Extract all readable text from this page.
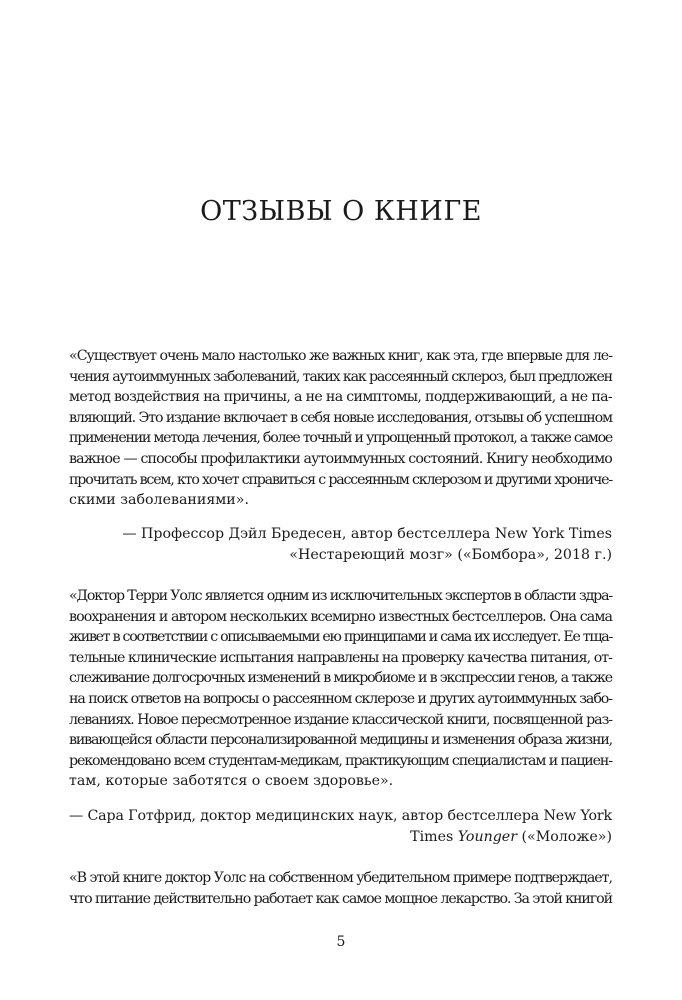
ОТЗЫВЫ О КНИГЕ
«Существует очень мало настолько же важных книг, как эта, где впервые для ле-
чения аутоиммунных заболеваний, таких как рассеянный склероз, был предложен
метод воздействия на причины, а не на симптомы, поддерживающий, а не па-
вляющий. Это издание включает в себя новые исследования, отзывы об успешном
применении метода лечения, более точный и упрощенный протокол, а также самое
важное — способы профилактики аутоиммунных состояний. Книгу необходимо
прочитать всем, кто хочет справиться с рассеянным склерозом и другими хрониче-
скими заболеваниями».
— Профессор Дэйл Бредесен, автор бестселлера New York Times
«Нестареющий мозг» («Бомбора», 2018 г.)
«Доктор Терри Уолс является одним из исключительных экспертов в области здра-
воохранения и автором нескольких всемирно известных бестселлеров. Она сама
живет в соответствии с описываемыми ею принципами и сама их исследует. Ее тща-
тельные клинические испытания направлены на проверку качества питания, от-
слеживание долгосрочных изменений в микробиоме и в экспрессии генов, а также
на поиск ответов на вопросы о рассеянном склерозе и других аутоиммунных забо-
леваниях. Новое пересмотренное издание классической книги, посвященной раз-
вивающейся области персонализированной медицины и изменения образа жизни,
рекомендовано всем студентам-медикам, практикующим специалистам и пациен-
там, которые заботятся о своем здоровье».
— Сара Готфрид, доктор медицинских наук, автор бестселлера New York
Times Younger («Моложе»)
«В этой книге доктор Уолс на собственном убедительном примере подтверждает,
что питание действительно работает как самое мощное лекарство. За этой книгой
5
